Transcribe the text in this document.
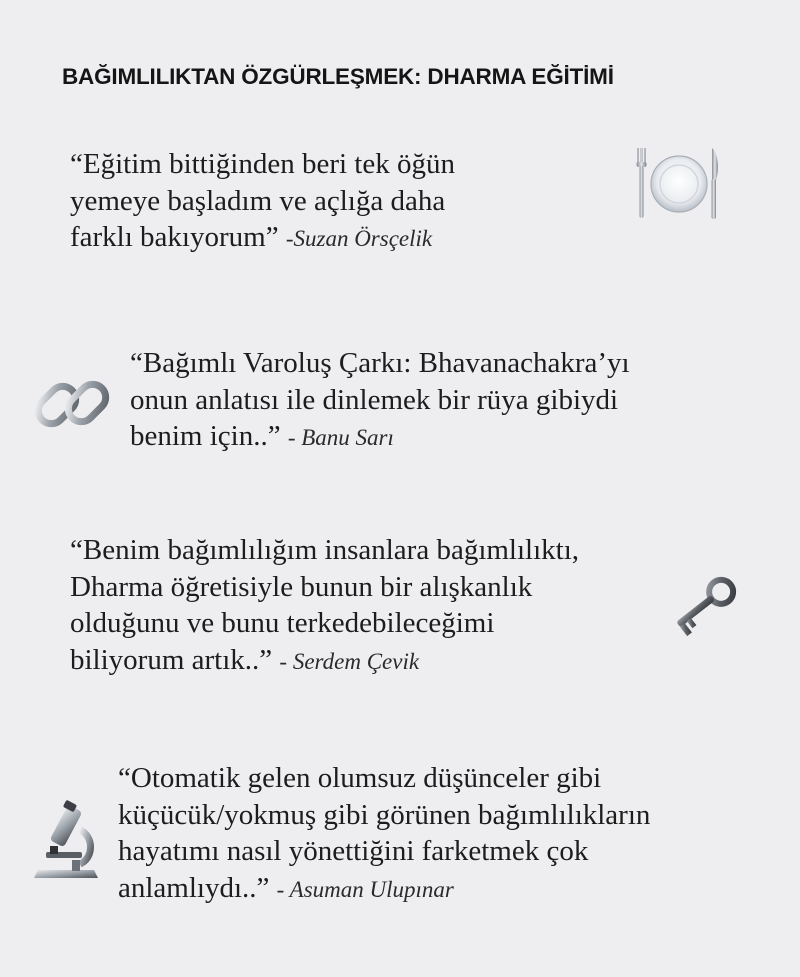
BAĞIMLILIKTAN ÖZGÜRLEŞMEK: DHARMA EĞİTİMİ
“Eğitim bittiğinden beri tek öğün
yemeye başladım ve açlığa daha
farklı bakıyorum” -Suzan Örsçelik
“Bağımlı Varoluş Çarkı: Bhavanachakra’yı
onun anlatısı ile dinlemek bir rüya gibiydi
benim için..” - Banu Sarı
“Benim bağımlılığım insanlara bağımlılıktı,
Dharma öğretisiyle bunun bir alışkanlık
olduğunu ve bunu terkedebileceğimi
biliyorum artık..” - Serdem Çevik
“Otomatik gelen olumsuz düşünceler gibi
küçücük/yokmuş gibi görünen bağımlılıkların
hayatımı nasıl yönettiğini farketmek çok
anlamlıydı..” - Asuman Ulupınar
